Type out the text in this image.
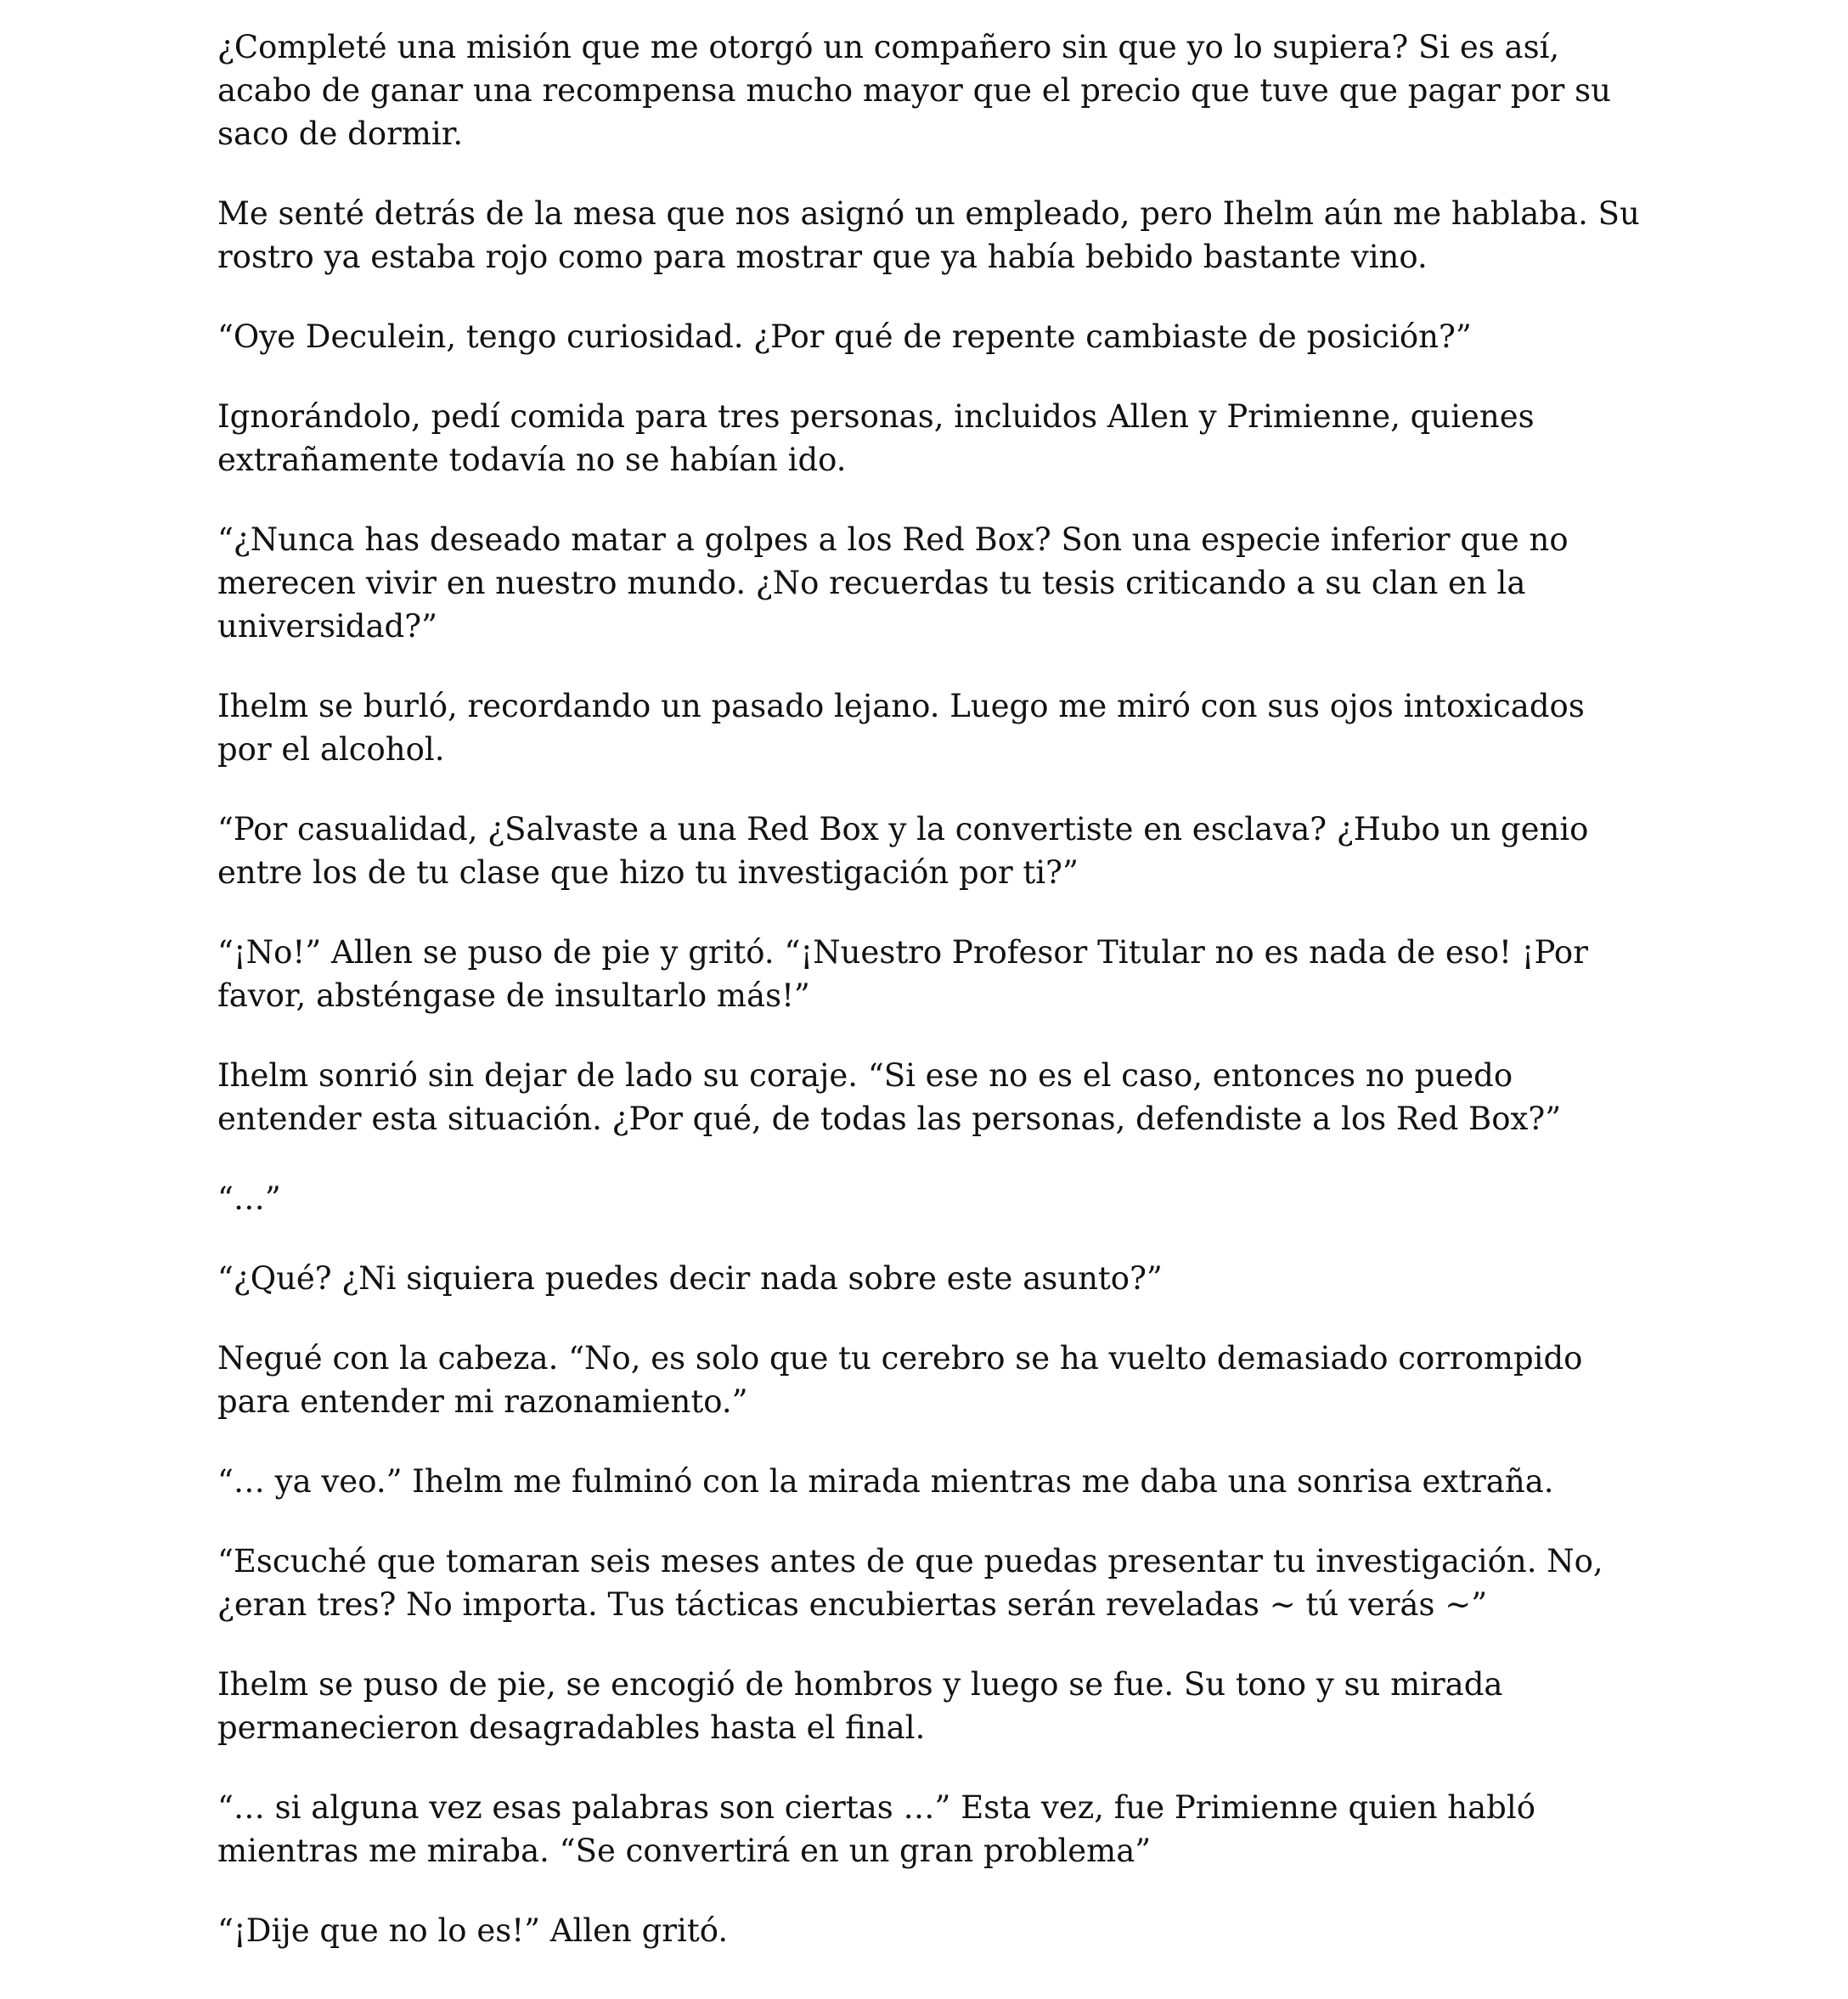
¿Completé una misión que me otorgó un compañero sin que yo lo supiera? Si es así, acabo de ganar una recompensa mucho mayor que el precio que tuve que pagar por su saco de dormir.

Me senté detrás de la mesa que nos asignó un empleado, pero Ihelm aún me hablaba. Su rostro ya estaba rojo como para mostrar que ya había bebido bastante vino.

“Oye Deculein, tengo curiosidad. ¿Por qué de repente cambiaste de posición?”

Ignorándolo, pedí comida para tres personas, incluidos Allen y Primienne, quienes extrañamente todavía no se habían ido.

“¿Nunca has deseado matar a golpes a los Red Box? Son una especie inferior que no merecen vivir en nuestro mundo. ¿No recuerdas tu tesis criticando a su clan en la universidad?”

Ihelm se burló, recordando un pasado lejano. Luego me miró con sus ojos intoxicados por el alcohol.

“Por casualidad, ¿Salvaste a una Red Box y la convertiste en esclava? ¿Hubo un genio entre los de tu clase que hizo tu investigación por ti?”

“¡No!” Allen se puso de pie y gritó. “¡Nuestro Profesor Titular no es nada de eso! ¡Por favor, absténgase de insultarlo más!”

Ihelm sonrió sin dejar de lado su coraje. “Si ese no es el caso, entonces no puedo entender esta situación. ¿Por qué, de todas las personas, defendiste a los Red Box?”

“…”

“¿Qué? ¿Ni siquiera puedes decir nada sobre este asunto?”

Negué con la cabeza. “No, es solo que tu cerebro se ha vuelto demasiado corrompido para entender mi razonamiento.”

“… ya veo.” Ihelm me fulminó con la mirada mientras me daba una sonrisa extraña.

“Escuché que tomaran seis meses antes de que puedas presentar tu investigación. No, ¿eran tres? No importa. Tus tácticas encubiertas serán reveladas ~ tú verás ~”

Ihelm se puso de pie, se encogió de hombros y luego se fue. Su tono y su mirada permanecieron desagradables hasta el final.

“… si alguna vez esas palabras son ciertas …” Esta vez, fue Primienne quien habló mientras me miraba. “Se convertirá en un gran problema”

“¡Dije que no lo es!” Allen gritó.
